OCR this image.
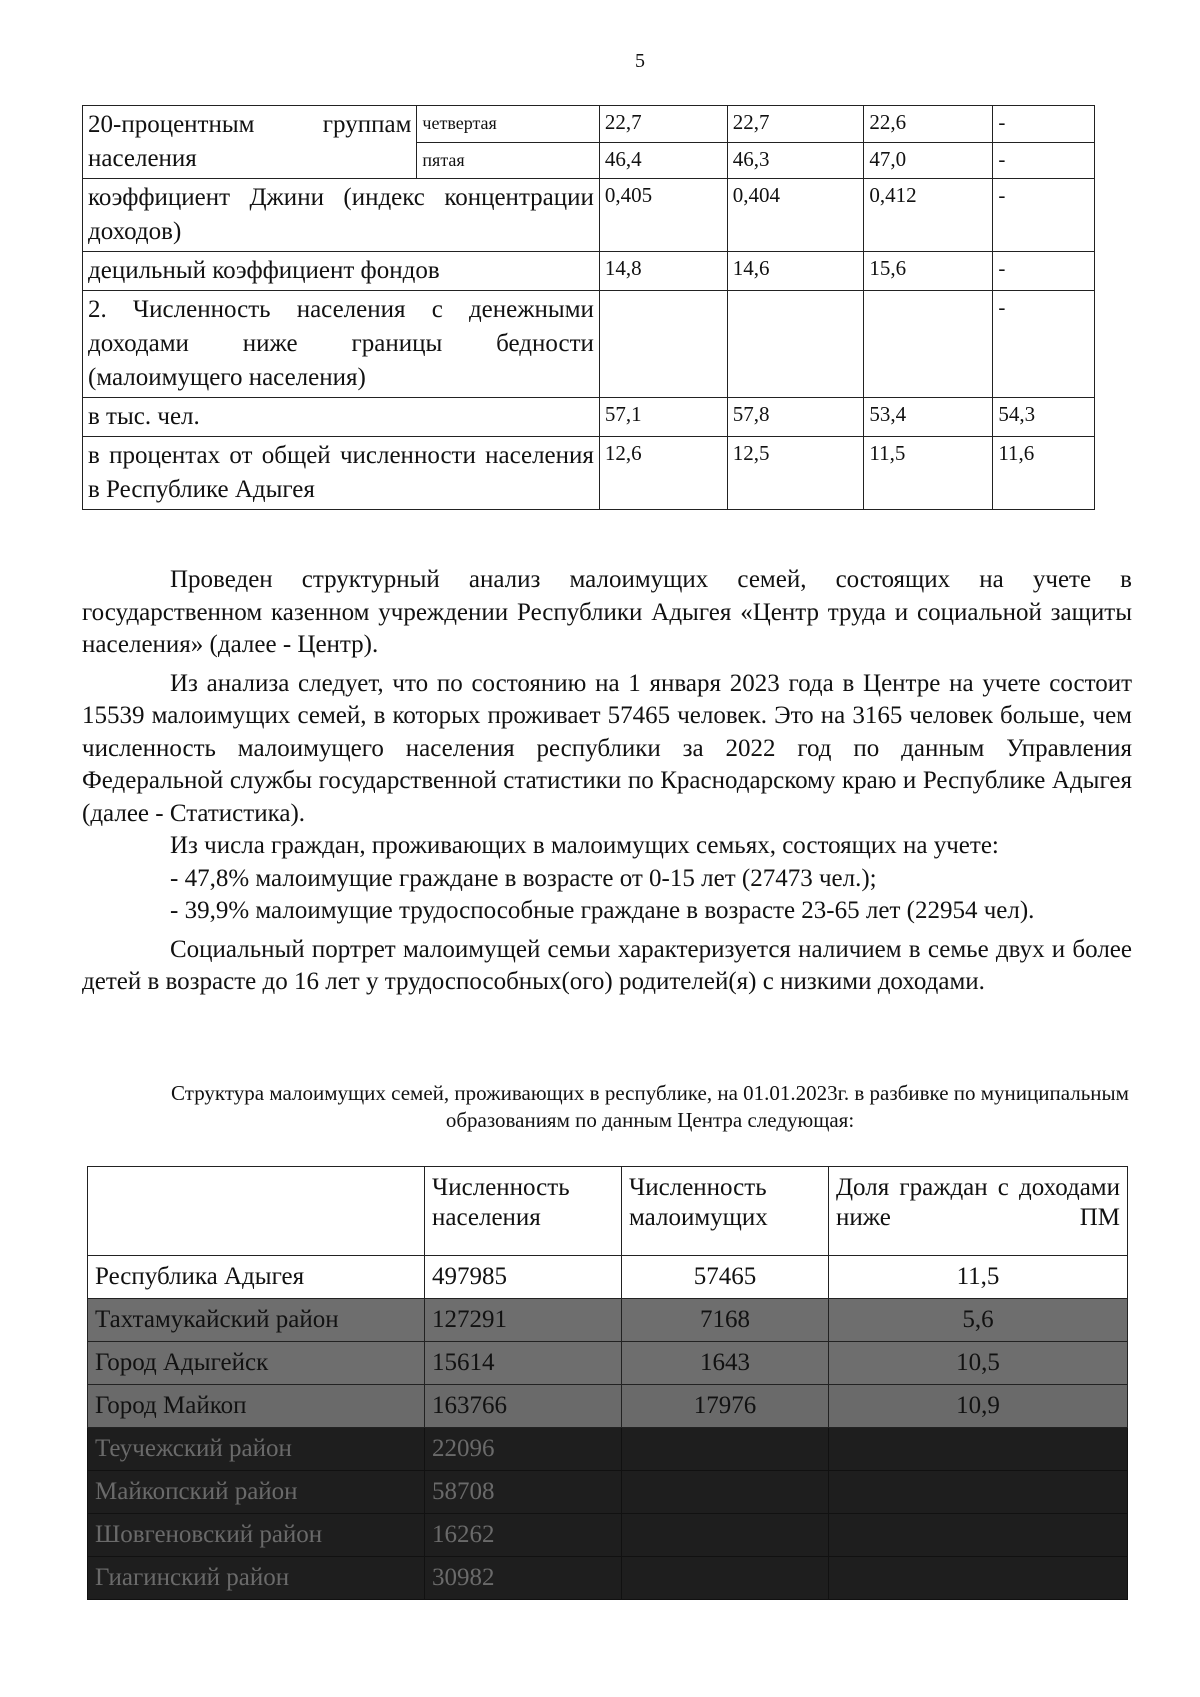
5
20-процентным группам населения	четвертая	22,7	22,7	22,6	-
	пятая	46,4	46,3	47,0	-
коэффициент Джини (индекс концентрации доходов)		0,405	0,404	0,412	-
децильный коэффициент фондов		14,8	14,6	15,6	-
2. Численность населения с денежными доходами ниже границы бедности (малоимущего населения)					-
в тыс. чел.		57,1	57,8	53,4	54,3
в процентах от общей численности населения в Республике Адыгея		12,6	12,5	11,5	11,6

Проведен структурный анализ малоимущих семей, состоящих на учете в государственном казенном учреждении Республики Адыгея «Центр труда и социальной защиты населения» (далее - Центр).

Из анализа следует, что по состоянию на 1 января 2023 года в Центре на учете состоит 15539 малоимущих семей, в которых проживает 57465 человек. Это на 3165 человек больше, чем численность малоимущего населения республики за 2022 год по данным Управления Федеральной службы государственной статистики по Краснодарскому краю и Республике Адыгея (далее - Статистика).

Из числа граждан, проживающих в малоимущих семьях, состоящих на учете:

- 47,8% малоимущие граждане в возрасте от 0-15 лет (27473 чел.);

- 39,9% малоимущие трудоспособные граждане в возрасте 23-65 лет (22954 чел).

Социальный портрет малоимущей семьи характеризуется наличием в семье двух и более детей в возрасте до 16 лет у трудоспособных(ого) родителей(я) с низкими доходами.

Структура малоимущих семей, проживающих в республике, на 01.01.2023г. в разбивке по муниципальным образованиям по данным Центра следующая:
	Численность населения	Численность малоимущих	Доля граждан с доходами ниже ПМ
Республика Адыгея	497985	57465	11,5
Тахтамукайский район	127291	7168	5,6
Город Адыгейск	15614	1643	10,5
Город Майкоп	163766	17976	10,9
Теучежский район	22096		
Майкопский район	58708		
Шовгеновский район	16262		
Гиагинский район	30982		
